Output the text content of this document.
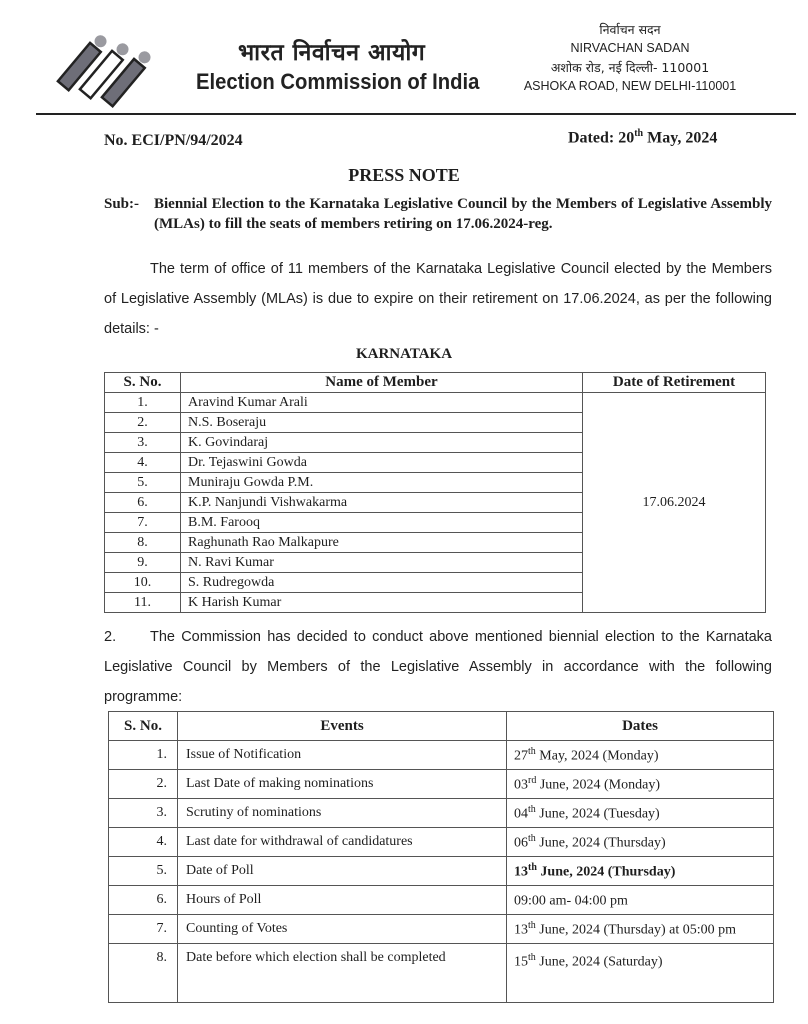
भारत निर्वाचन आयोग
Election Commission of India
निर्वाचन सदन
NIRVACHAN SADAN
अशोक रोड, नई दिल्ली- 110001
ASHOKA ROAD, NEW DELHI-110001
No. ECI/PN/94/2024	Dated: 20th May, 2024
PRESS NOTE
Sub:- Biennial Election to the Karnataka Legislative Council by the Members of Legislative Assembly (MLAs) to fill the seats of members retiring on 17.06.2024-reg.
The term of office of 11 members of the Karnataka Legislative Council elected by the Members of Legislative Assembly (MLAs) is due to expire on their retirement on 17.06.2024, as per the following details: -
KARNATAKA
S. No.	Name of Member	Date of Retirement
1.	Aravind Kumar Arali	17.06.2024
2.	N.S. Boseraju	
3.	K. Govindaraj	
4.	Dr. Tejaswini Gowda	
5.	Muniraju Gowda P.M.	
6.	K.P. Nanjundi Vishwakarma	
7.	B.M. Farooq	
8.	Raghunath Rao Malkapure	
9.	N. Ravi Kumar	
10.	S. Rudregowda	
11.	K Harish Kumar	
2. The Commission has decided to conduct above mentioned biennial election to the Karnataka Legislative Council by Members of the Legislative Assembly in accordance with the following programme:
S. No.	Events	Dates
1.	Issue of Notification	27th May, 2024 (Monday)
2.	Last Date of making nominations	03rd June, 2024 (Monday)
3.	Scrutiny of nominations	04th June, 2024 (Tuesday)
4.	Last date for withdrawal of candidatures	06th June, 2024 (Thursday)
5.	Date of Poll	13th June, 2024 (Thursday)
6.	Hours of Poll	09:00 am- 04:00 pm
7.	Counting of Votes	13th June, 2024 (Thursday) at 05:00 pm
8.	Date before which election shall be completed	15th June, 2024 (Saturday)
